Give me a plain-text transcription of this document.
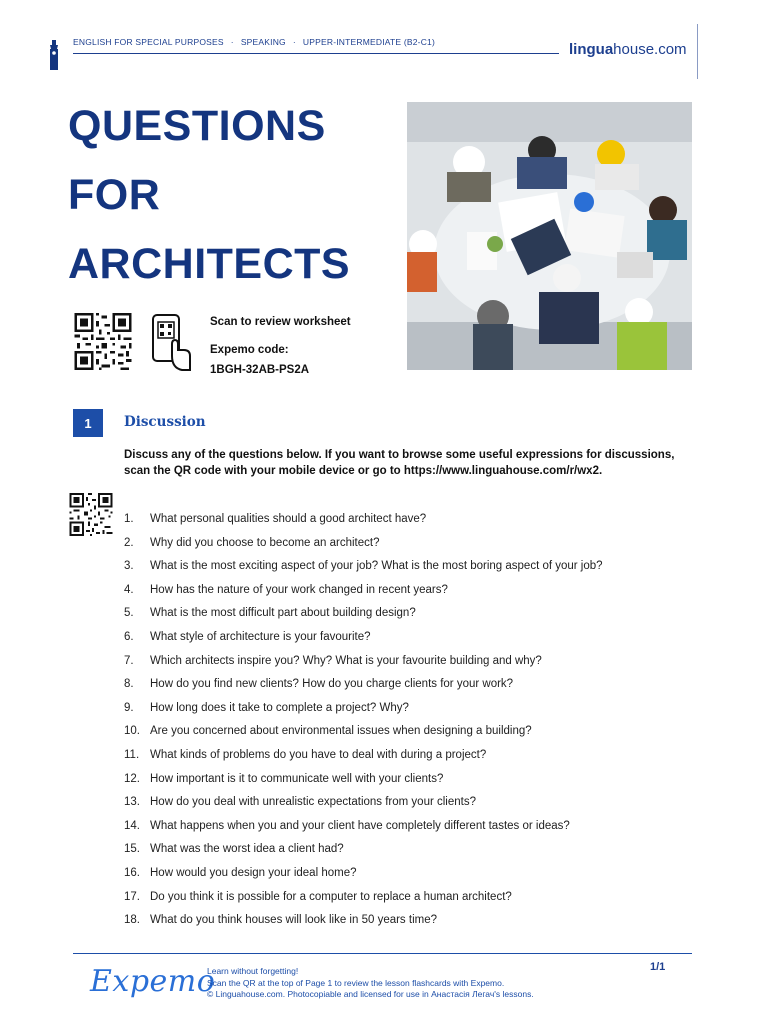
ENGLISH FOR SPECIAL PURPOSES · SPEAKING · UPPER-INTERMEDIATE (B2-C1)	linguahouse.com
QUESTIONS
FOR
ARCHITECTS
Scan to review worksheet
Expemo code:
1BGH-32AB-PS2A
1	Discussion
Discuss any of the questions below. If you want to browse some useful expressions for discussions, scan the QR code with your mobile device or go to https://www.linguahouse.com/r/wx2.
1.	What personal qualities should a good architect have?
2.	Why did you choose to become an architect?
3.	What is the most exciting aspect of your job? What is the most boring aspect of your job?
4.	How has the nature of your work changed in recent years?
5.	What is the most difficult part about building design?
6.	What style of architecture is your favourite?
7.	Which architects inspire you? Why? What is your favourite building and why?
8.	How do you find new clients? How do you charge clients for your work?
9.	How long does it take to complete a project? Why?
10. Are you concerned about environmental issues when designing a building?
11. What kinds of problems do you have to deal with during a project?
12. How important is it to communicate well with your clients?
13. How do you deal with unrealistic expectations from your clients?
14. What happens when you and your client have completely different tastes or ideas?
15. What was the worst idea a client had?
16. How would you design your ideal home?
17. Do you think it is possible for a computer to replace a human architect?
18. What do you think houses will look like in 50 years time?
Expemo
Learn without forgetting!
Scan the QR at the top of Page 1 to review the lesson flashcards with Expemo.
© Linguahouse.com. Photocopiable and licensed for use in Анастасія Легач's lessons.
1/1
